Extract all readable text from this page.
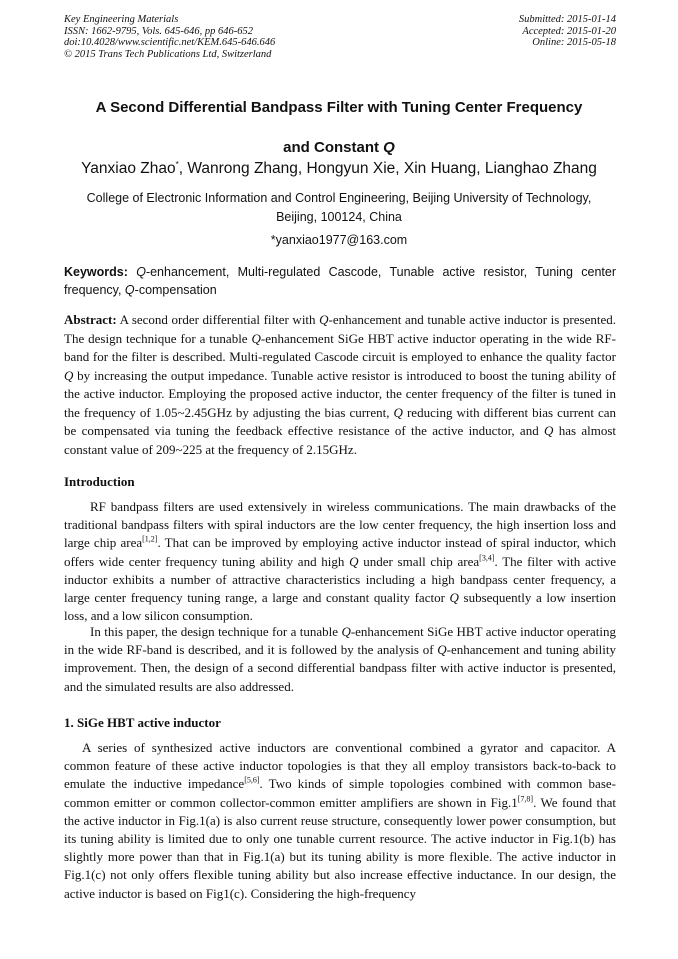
Key Engineering Materials
ISSN: 1662-9795, Vols. 645-646, pp 646-652
doi:10.4028/www.scientific.net/KEM.645-646.646
© 2015 Trans Tech Publications Ltd, Switzerland
Submitted: 2015-01-14
Accepted: 2015-01-20
Online: 2015-05-18
A Second Differential Bandpass Filter with Tuning Center Frequency
and Constant Q
Yanxiao Zhao*, Wanrong Zhang, Hongyun Xie, Xin Huang, Lianghao Zhang
College of Electronic Information and Control Engineering, Beijing University of Technology,
Beijing, 100124, China
*yanxiao1977@163.com
Keywords: Q-enhancement, Multi-regulated Cascode, Tunable active resistor, Tuning center frequency, Q-compensation
Abstract: A second order differential filter with Q-enhancement and tunable active inductor is presented. The design technique for a tunable Q-enhancement SiGe HBT active inductor operating in the wide RF-band for the filter is described. Multi-regulated Cascode circuit is employed to enhance the quality factor Q by increasing the output impedance. Tunable active resistor is introduced to boost the tuning ability of the active inductor. Employing the proposed active inductor, the center frequency of the filter is tuned in the frequency of 1.05~2.45GHz by adjusting the bias current, Q reducing with different bias current can be compensated via tuning the feedback effective resistance of the active inductor, and Q has almost constant value of 209~225 at the frequency of 2.15GHz.
Introduction
RF bandpass filters are used extensively in wireless communications. The main drawbacks of the traditional bandpass filters with spiral inductors are the low center frequency, the high insertion loss and large chip area[1,2]. That can be improved by employing active inductor instead of spiral inductor, which offers wide center frequency tuning ability and high Q under small chip area[3,4]. The filter with active inductor exhibits a number of attractive characteristics including a high bandpass center frequency, a large center frequency tuning range, a large and constant quality factor Q subsequently a low insertion loss, and a low silicon consumption.
In this paper, the design technique for a tunable Q-enhancement SiGe HBT active inductor operating in the wide RF-band is described, and it is followed by the analysis of Q-enhancement and tuning ability improvement. Then, the design of a second differential bandpass filter with active inductor is presented, and the simulated results are also addressed.
1. SiGe HBT active inductor
A series of synthesized active inductors are conventional combined a gyrator and capacitor. A common feature of these active inductor topologies is that they all employ transistors back-to-back to emulate the inductive impedance[5,6]. Two kinds of simple topologies combined with common base-common emitter or common collector-common emitter amplifiers are shown in Fig.1[7,8]. We found that the active inductor in Fig.1(a) is also current reuse structure, consequently lower power consumption, but its tuning ability is limited due to only one tunable current resource. The active inductor in Fig.1(b) has slightly more power than that in Fig.1(a) but its tuning ability is more flexible. The active inductor in Fig.1(c) not only offers flexible tuning ability but also increase effective inductance. In our design, the active inductor is based on Fig1(c). Considering the high-frequency
